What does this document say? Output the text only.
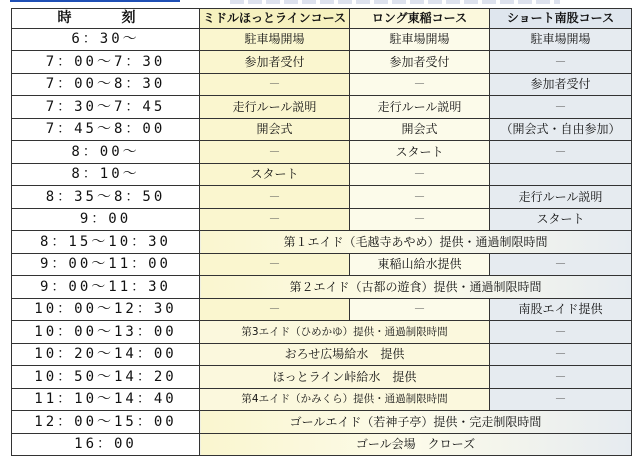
時　刻	ミドルほっとラインコース	ロング東稲コース	ショート南股コース
6：30～	駐車場開場	駐車場開場	駐車場開場
7：00～7：30	参加者受付	参加者受付	－
7：00～8：30	－	－	参加者受付
7：30～7：45	走行ルール説明	走行ルール説明	－
7：45～8：00	開会式	開会式	（開会式・自由参加）
8：00～	－	スタート	－
8：10～	スタート	－	
8：35～8：50	－	－	走行ルール説明
9：00	－	－	スタート
8：15～10：30	第１エイド（毛越寺あやめ）提供・通過制限時間		
9：00～11：00	－	東稲山給水提供	－
9：00～11：30	第２エイド（古都の遊食）提供・通過制限時間		
10：00～12：30	－	－	南股エイド提供
10：00～13：00	第3エイド（ひめかゆ）提供・通過制限時間		－
10：20～14：00	おろせ広場給水　提供		－
10：50～14：20	ほっとライン峠給水　提供		－
11：10～14：40	第4エイド（かみくら）提供・通過制限時間		－
12：00～15：00	ゴールエイド（若神子亭）提供・完走制限時間		
16：00	ゴール会場　クローズ		
